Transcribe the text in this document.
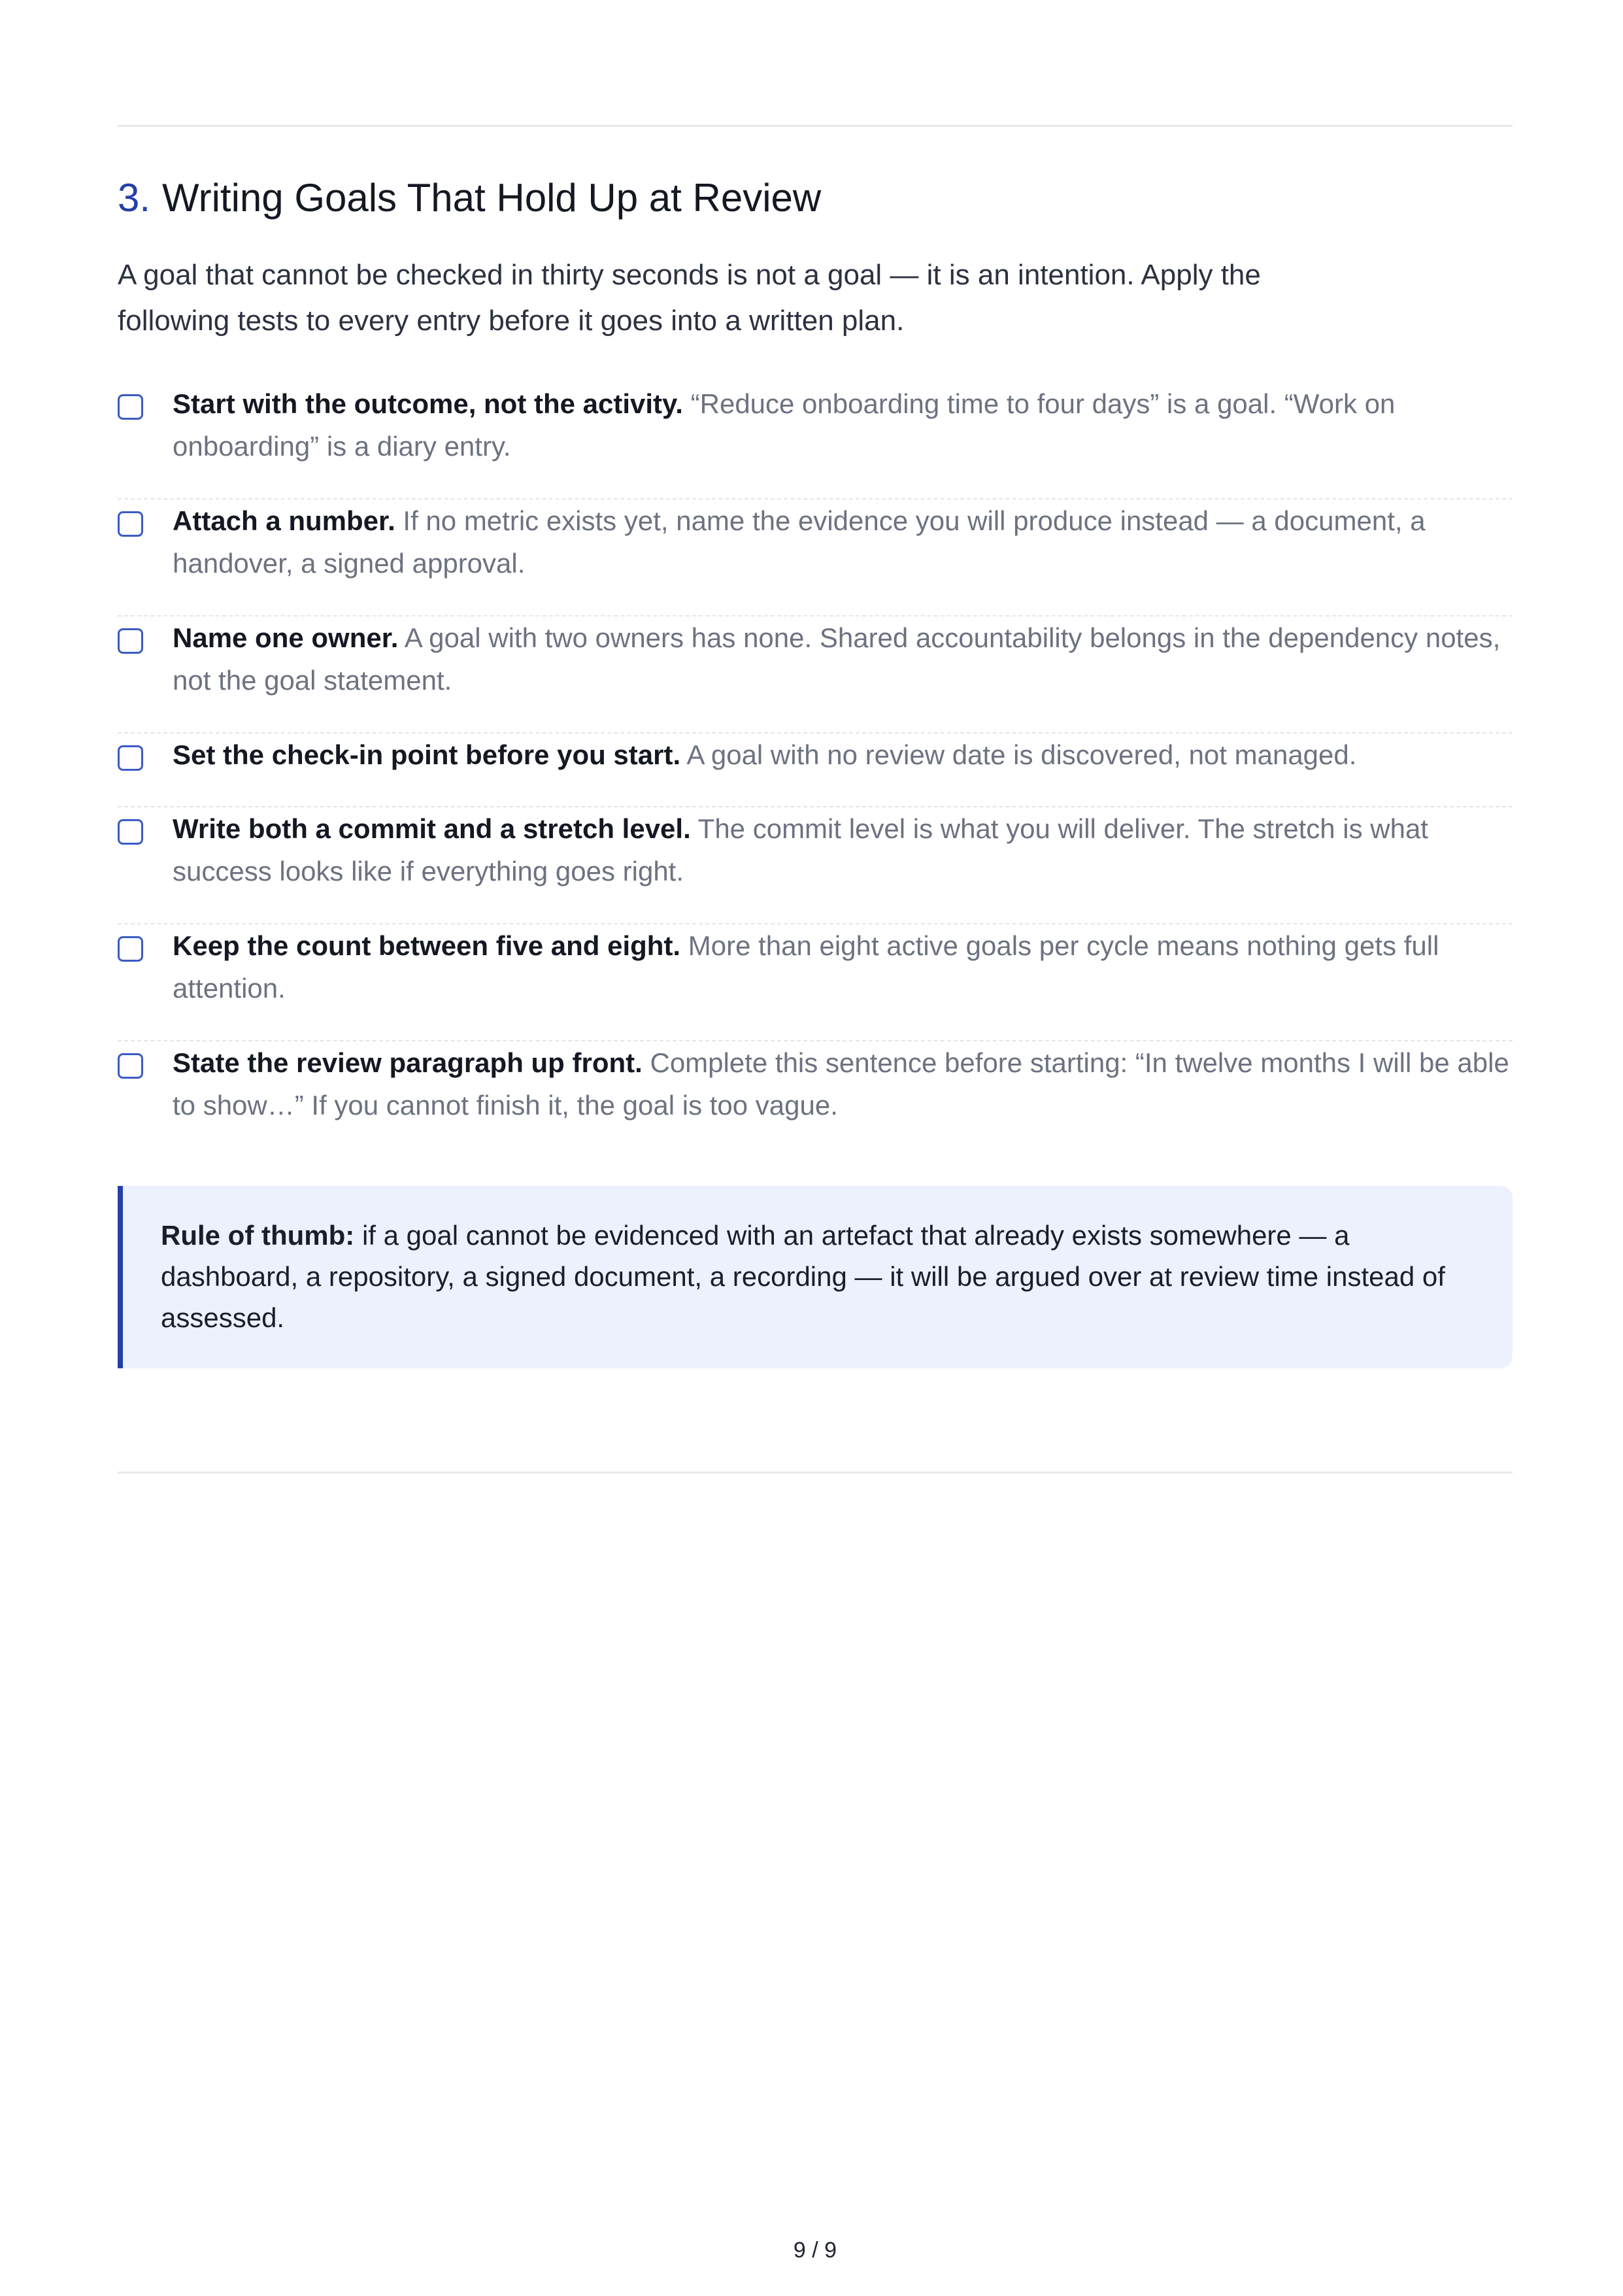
3. Writing Goals That Hold Up at Review

A goal that cannot be checked in thirty seconds is not a goal — it is an intention. Apply the following tests to every entry before it goes into a written plan.

Start with the outcome, not the activity. “Reduce onboarding time to four days” is a goal. “Work on onboarding” is a diary entry.
Attach a number. If no metric exists yet, name the evidence you will produce instead — a document, a handover, a signed approval.
Name one owner. A goal with two owners has none. Shared accountability belongs in the dependency notes, not the goal statement.
Set the check-in point before you start. A goal with no review date is discovered, not managed.
Write both a commit and a stretch level. The commit level is what you will deliver. The stretch is what success looks like if everything goes right.
Keep the count between five and eight. More than eight active goals per cycle means nothing gets full attention.
State the review paragraph up front. Complete this sentence before starting: “In twelve months I will be able to show…” If you cannot finish it, the goal is too vague.
Rule of thumb: if a goal cannot be evidenced with an artefact that already exists somewhere — a dashboard, a repository, a signed document, a recording — it will be argued over at review time instead of assessed.
9 / 9
